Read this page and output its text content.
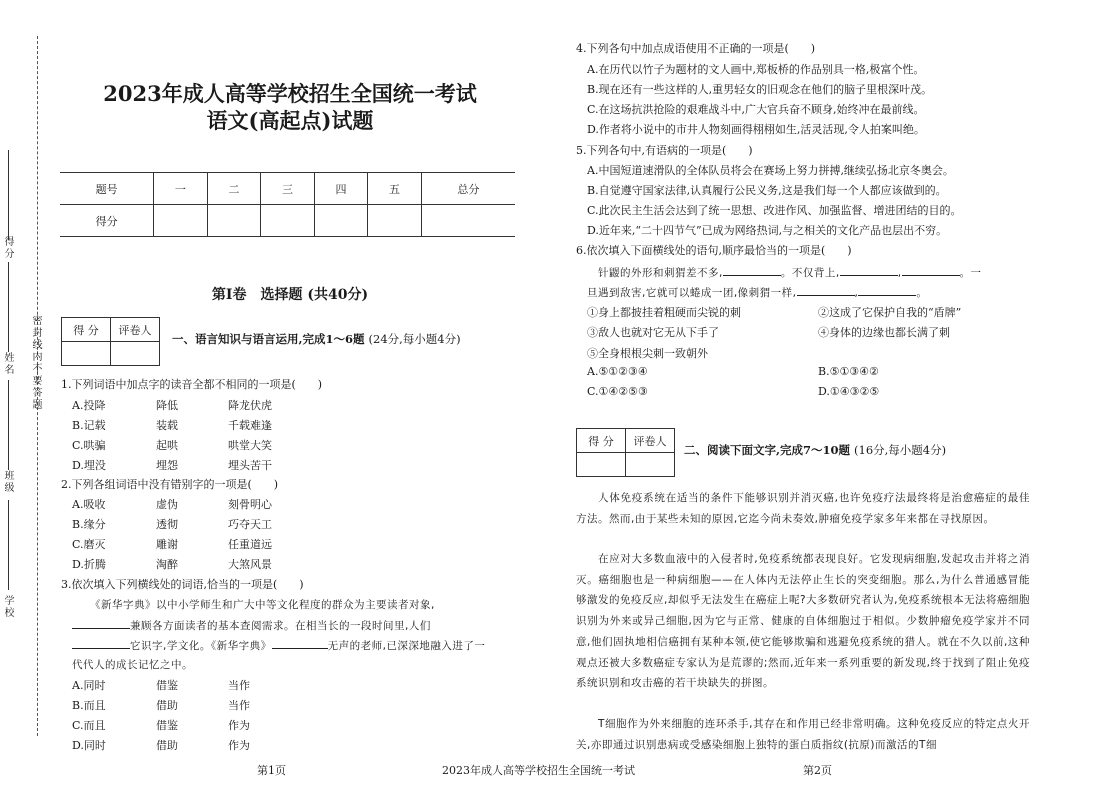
得分
姓名 密封线内不要答题
班级
学校
2023年成人高等学校招生全国统一考试
语文(高起点)试题
题号	一	二	三	四	五	总分
得分						
第Ⅰ卷　选择题 (共40分)
得 分	评卷人

一、语言知识与语言运用,完成1～6题 (24分,每小题4分)
1.下列词语中加点字的读音全都不相同的一项是(　　)
A.投降	降低	降龙伏虎
B.记载	装载	千载难逢
C.哄骗	起哄	哄堂大笑
D.埋没	埋怨	埋头苦干
2.下列各组词语中没有错别字的一项是(　　)
A.吸收	虚伪	刻骨明心
B.缘分	透彻	巧夺天工
C.磨灭	雕谢	任重道远
D.折腾	淘醉	大煞风景
3.依次填入下列横线处的词语,恰当的一项是(　　)
《新华字典》以中小学师生和广大中等文化程度的群众为主要读者对象,
兼顾各方面读者的基本查阅需求。在相当长的一段时间里,人们
它识字,学文化。《新华字典》	无声的老师,已深深地融入进了一
代代人的成长记忆之中。
A.同时	借鉴	当作
B.而且	借助	当作
C.而且	借鉴	作为
D.同时	借助	作为
4.下列各句中加点成语使用不正确的一项是(　　)
A.在历代以竹子为题材的文人画中,郑板桥的作品别具一格,极富个性。
B.现在还有一些这样的人,重男轻女的旧观念在他们的脑子里根深叶茂。
C.在这场抗洪抢险的艰难战斗中,广大官兵奋不顾身,始终冲在最前线。
D.作者将小说中的市井人物刻画得栩栩如生,活灵活现,令人拍案叫绝。
5.下列各句中,有语病的一项是(　　)
A.中国短道速滑队的全体队员将会在赛场上努力拼搏,继续弘扬北京冬奥会。
B.自觉遵守国家法律,认真履行公民义务,这是我们每一个人都应该做到的。
C.此次民主生活会达到了统一思想、改进作风、加强监督、增进团结的目的。
D.近年来,“二十四节气”已成为网络热词,与之相关的文化产品也层出不穷。
6.依次填入下面横线处的语句,顺序最恰当的一项是(　　)
针鼹的外形和刺猬差不多,	。不仅背上,	,	。一
旦遇到敌害,它就可以蜷成一团,像刺猬一样,	,	。
①身上都披挂着粗硬而尖锐的刺	②这成了它保护自我的“盾牌”
③敌人也就对它无从下手了	④身体的边缘也都长满了刺
⑤全身根根尖刺一致朝外
A.⑤①②③④	B.⑤①③④②
C.①④②⑤③	D.①④③②⑤
得 分	评卷人

二、阅读下面文字,完成7～10题 (16分,每小题4分)
人体免疫系统在适当的条件下能够识别并消灭癌,也许免疫疗法最终将是治愈癌症的最佳方法。然而,由于某些未知的原因,它迄今尚未奏效,肿瘤免疫学家多年来都在寻找原因。
在应对大多数血液中的入侵者时,免疫系统都表现良好。它发现病细胞,发起攻击并将之消灭。癌细胞也是一种病细胞——在人体内无法停止生长的突变细胞。那么,为什么普通感冒能够激发的免疫反应,却似乎无法发生在癌症上呢?大多数研究者认为,免疫系统根本无法将癌细胞识别为外来或异己细胞,因为它与正常、健康的自体细胞过于相似。少数肿瘤免疫学家并不同意,他们固执地相信癌拥有某种本领,使它能够欺骗和逃避免疫系统的猎人。就在不久以前,这种观点还被大多数癌症专家认为是荒谬的;然而,近年来一系列重要的新发现,终于找到了阻止免疫系统识别和攻击癌的若干块缺失的拼图。
T细胞作为外来细胞的连环杀手,其存在和作用已经非常明确。这种免疫反应的特定点火开关,亦即通过识别患病或受感染细胞上独特的蛋白质指纹(抗原)而激活的T细
第1页	2023年成人高等学校招生全国统一考试	第2页
